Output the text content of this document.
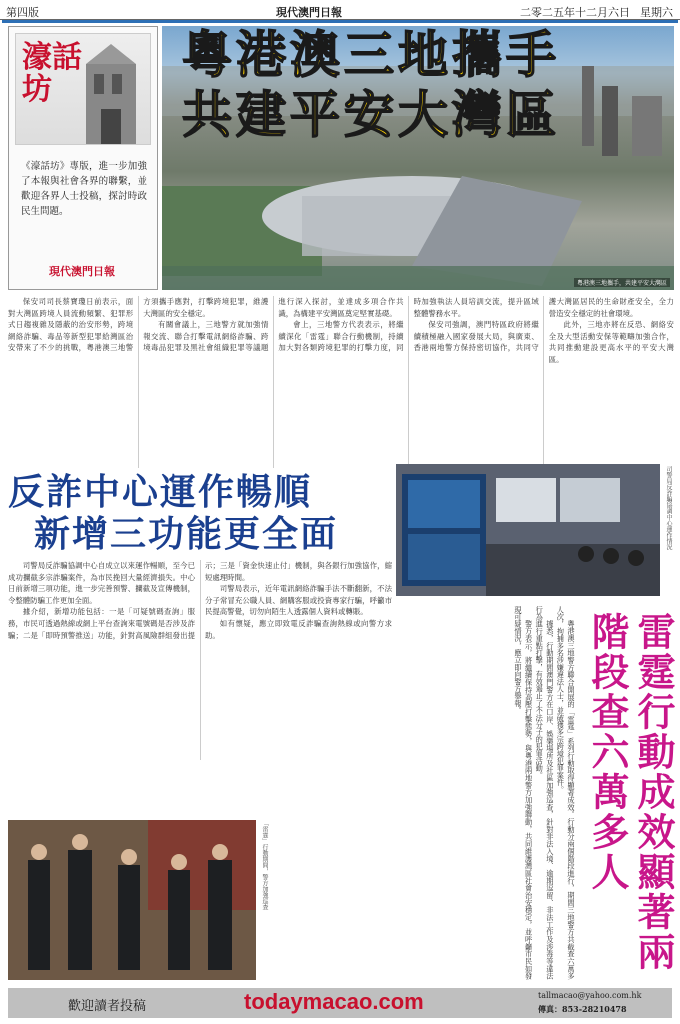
第四版	現代澳門日報	二零二五年十二月六日 星期六
濠話坊
《濠話坊》專版，進一步加強了本報與社會各界的聯繫，並歡迎各界人士投稿，探討時政民生問題。
現代澳門日報
粵港澳三地攜手
共建平安大灣區
粵港澳三地攜手，共建平安大灣區

保安司司長蔡寶瓊日前表示，面對大灣區跨境人員流動頻繁、犯罪形式日趨複雜及隱蔽的治安形勢，跨境網絡詐騙、毒品等新型犯罪給灣區治安帶來了不少的挑戰，粵港澳三地警方須攜手應對，打擊跨境犯罪，維護大灣區的安全穩定。

有關會議上，三地警方就加強情報交流、聯合打擊電訊網絡詐騙、跨境毒品犯罪及黑社會組織犯罪等議題進行深入探討，並達成多項合作共識，為構建平安灣區奠定堅實基礎。

會上，三地警方代表表示，將繼續深化「雷霆」聯合行動機制，持續加大對各類跨境犯罪的打擊力度，同時加強執法人員培訓交流，提升區域整體警務水平。

保安司強調，澳門特區政府將繼續積極融入國家發展大局，與廣東、香港兩地警方保持密切協作，共同守護大灣區居民的生命財產安全，全力營造安全穩定的社會環境。

此外，三地亦將在反恐、網絡安全及大型活動安保等範疇加強合作，共同推動建設更高水平的平安大灣區。

反詐中心運作暢順
新增三功能更全面	司警局反詐騙協調中心運作情況

司警局反詐騙協調中心自成立以來運作暢順，至今已成功攔截多宗詐騙案件，為市民挽回大量經濟損失。中心日前新增三項功能，進一步完善預警、攔截及宣傳機制，令整體防騙工作更加全面。

據介紹，新增功能包括：一是「可疑號碼查詢」服務，市民可透過熱線或網上平台查詢來電號碼是否涉及詐騙；二是「即時預警推送」功能，針對高風險群組發出提示；三是「資金快速止付」機制，與各銀行加強協作，縮短處理時間。

司警局表示，近年電訊網絡詐騙手法不斷翻新，不法分子常冒充公職人員、網購客服或投資專家行騙，呼籲市民提高警覺，切勿向陌生人透露個人資料或轉賬。

如有懷疑，應立即致電反詐騙查詢熱線或向警方求助。	雷霆行動成效顯著兩階段查六萬多人

粵港澳三地警方聯合開展的「雷霆」系列行動取得顯著成效。行動分兩個階段進行，期間三地警方共截查六萬多人次，拘捕多名涉嫌違法人士，並破獲多宗跨境犯罪案件。

據悉，行動期間澳門警方在口岸、娛樂場所及社區加強巡查，針對非法入境、逾期逗留、非法工作及涉毒等違法行為進行重點打擊，有效遏止了不法分子的犯罪活動。

警方表示，將繼續保持高壓打擊態勢，與粵港兩地警方加強聯動，共同維護灣區社會治安穩定，並呼籲市民如發現可疑情況，應立即向警方舉報。

「雷霆」行動期間，警方加強巡查
歡迎讀者投稿	todaymacao.com	tallmacao@yahoo.com.hk
傳真：853-28210478
